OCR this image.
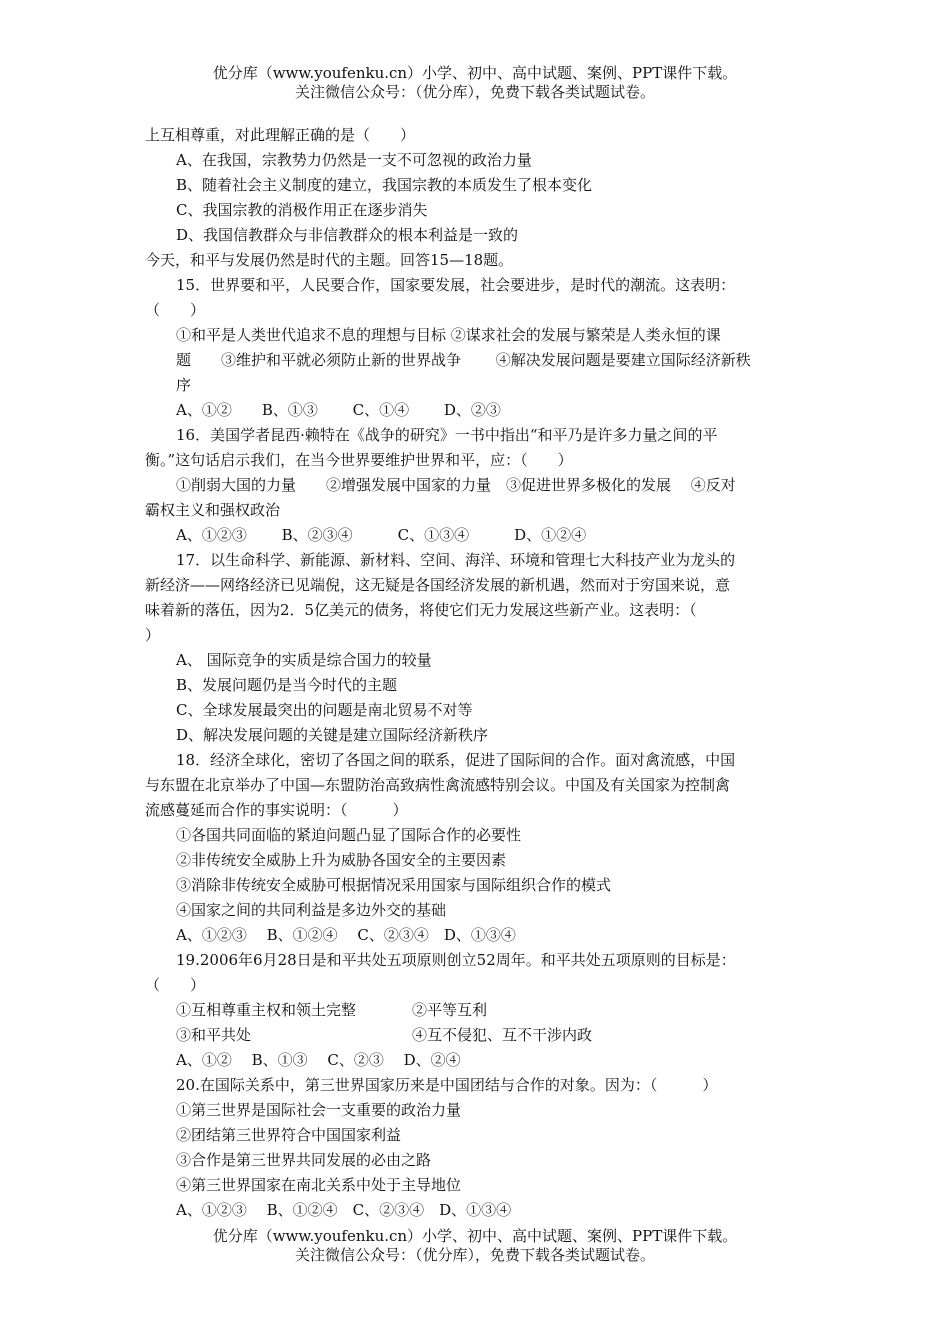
优分库（www.youfenku.cn）小学、初中、高中试题、案例、PPT课件下载。
关注微信公众号：（优分库），免费下载各类试题试卷。
上互相尊重，对此理解正确的是（　　）
A、在我国，宗教势力仍然是一支不可忽视的政治力量
B、随着社会主义制度的建立，我国宗教的本质发生了根本变化
C、我国宗教的消极作用正在逐步消失
D、我国信教群众与非信教群众的根本利益是一致的
今天，和平与发展仍然是时代的主题。回答15—18题。
15．世界要和平，人民要合作，国家要发展，社会要进步，是时代的潮流。这表明：
（　　）
①和平是人类世代追求不息的理想与目标 ②谋求社会的发展与繁荣是人类永恒的课
题　　③维护和平就必须防止新的世界战争　　 ④解决发展问题是要建立国际经济新秩
序
A、①②　　B、①③　　 C、①④　　 D、②③
16．美国学者昆西·赖特在《战争的研究》一书中指出“和平乃是许多力量之间的平
衡。”这句话启示我们，在当今世界要维护世界和平，应：（　　）
①削弱大国的力量　　②增强发展中国家的力量　③促进世界多极化的发展　 ④反对
霸权主义和强权政治
A、①②③　　 B、②③④　　　C、①③④　　　D、①②④
17．以生命科学、新能源、新材料、空间、海洋、环境和管理七大科技产业为龙头的
新经济——网络经济已见端倪，这无疑是各国经济发展的新机遇，然而对于穷国来说，意
味着新的落伍，因为2．5亿美元的债务，将使它们无力发展这些新产业。这表明：（
）
A、 国际竞争的实质是综合国力的较量
B、发展问题仍是当今时代的主题
C、全球发展最突出的问题是南北贸易不对等
D、解决发展问题的关键是建立国际经济新秩序
18．经济全球化，密切了各国之间的联系，促进了国际间的合作。面对禽流感，中国
与东盟在北京举办了中国—东盟防治高致病性禽流感特别会议。中国及有关国家为控制禽
流感蔓延而合作的事实说明：（　　　）
①各国共同面临的紧迫问题凸显了国际合作的必要性
②非传统安全威胁上升为威胁各国安全的主要因素
③消除非传统安全威胁可根据情况采用国家与国际组织合作的模式
④国家之间的共同利益是多边外交的基础
A、①②③　 B、①②④　 C、②③④　D、①③④
19.2006年6月28日是和平共处五项原则创立52周年。和平共处五项原则的目标是：
（　　）
①互相尊重主权和领土完整	②平等互利
③和平共处	④互不侵犯、互不干涉内政
A、①②　 B、①③　 C、②③　 D、②④
20.在国际关系中，第三世界国家历来是中国团结与合作的对象。因为：（　　　）
①第三世界是国际社会一支重要的政治力量
②团结第三世界符合中国国家利益
③合作是第三世界共同发展的必由之路
④第三世界国家在南北关系中处于主导地位
A、①②③　 B、①②④　C、②③④　D、①③④
优分库（www.youfenku.cn）小学、初中、高中试题、案例、PPT课件下载。
关注微信公众号：（优分库），免费下载各类试题试卷。
